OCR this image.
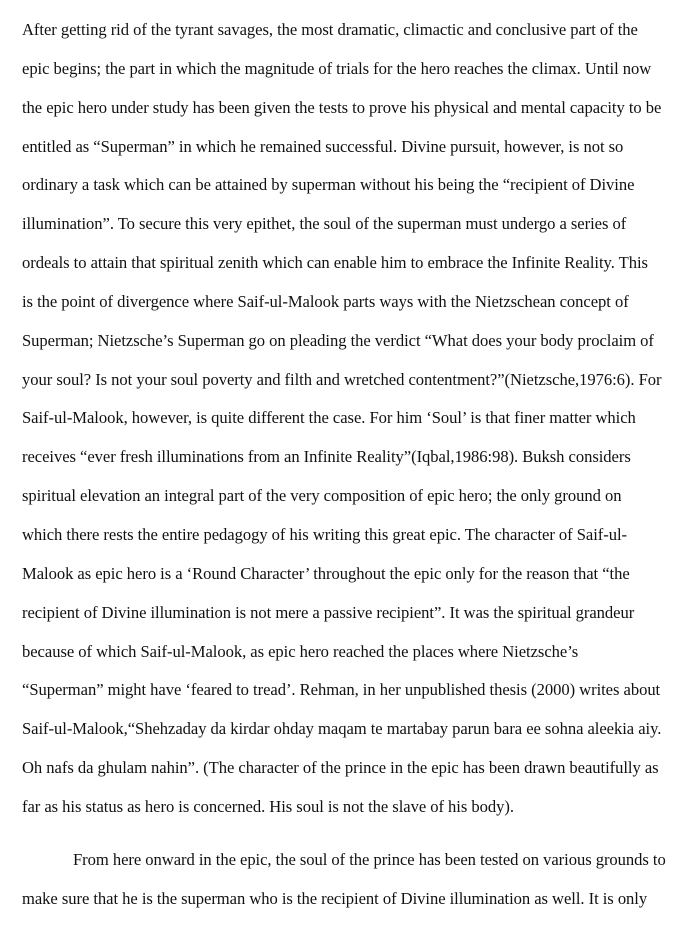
After getting rid of the tyrant savages, the most dramatic, climactic and conclusive part of the
epic begins; the part in which the magnitude of trials for the hero reaches the climax. Until now
the epic hero under study has been given the tests to prove his physical and mental capacity to be
entitled as “Superman” in which he remained successful. Divine pursuit, however, is not so
ordinary a task which can be attained by superman without his being the “recipient of Divine
illumination”. To secure this very epithet, the soul of the superman must undergo a series of
ordeals to attain that spiritual zenith which can enable him to embrace the Infinite Reality. This
is the point of divergence where Saif-ul-Malook parts ways with the Nietzschean concept of
Superman; Nietzsche’s Superman go on pleading the verdict “What does your body proclaim of
your soul? Is not your soul poverty and filth and wretched contentment?”(Nietzsche,1976:6). For
Saif-ul-Malook, however, is quite different the case. For him ‘Soul’ is that finer matter which
receives “ever fresh illuminations from an Infinite Reality”(Iqbal,1986:98). Buksh considers
spiritual elevation an integral part of the very composition of epic hero; the only ground on
which there rests the entire pedagogy of his writing this great epic. The character of Saif-ul-
Malook as epic hero is a ‘Round Character’ throughout the epic only for the reason that “the
recipient of Divine illumination is not mere a passive recipient”. It was the spiritual grandeur
because of which Saif-ul-Malook, as epic hero reached the places where Nietzsche’s
“Superman” might have ‘feared to tread’. Rehman, in her unpublished thesis (2000) writes about
Saif-ul-Malook,“Shehzaday da kirdar ohday maqam te martabay parun bara ee sohna aleekia aiy.
Oh nafs da ghulam nahin”. (The character of the prince in the epic has been drawn beautifully as
far as his status as hero is concerned. His soul is not the slave of his body).
From here onward in the epic, the soul of the prince has been tested on various grounds to
make sure that he is the superman who is the recipient of Divine illumination as well. It is only
